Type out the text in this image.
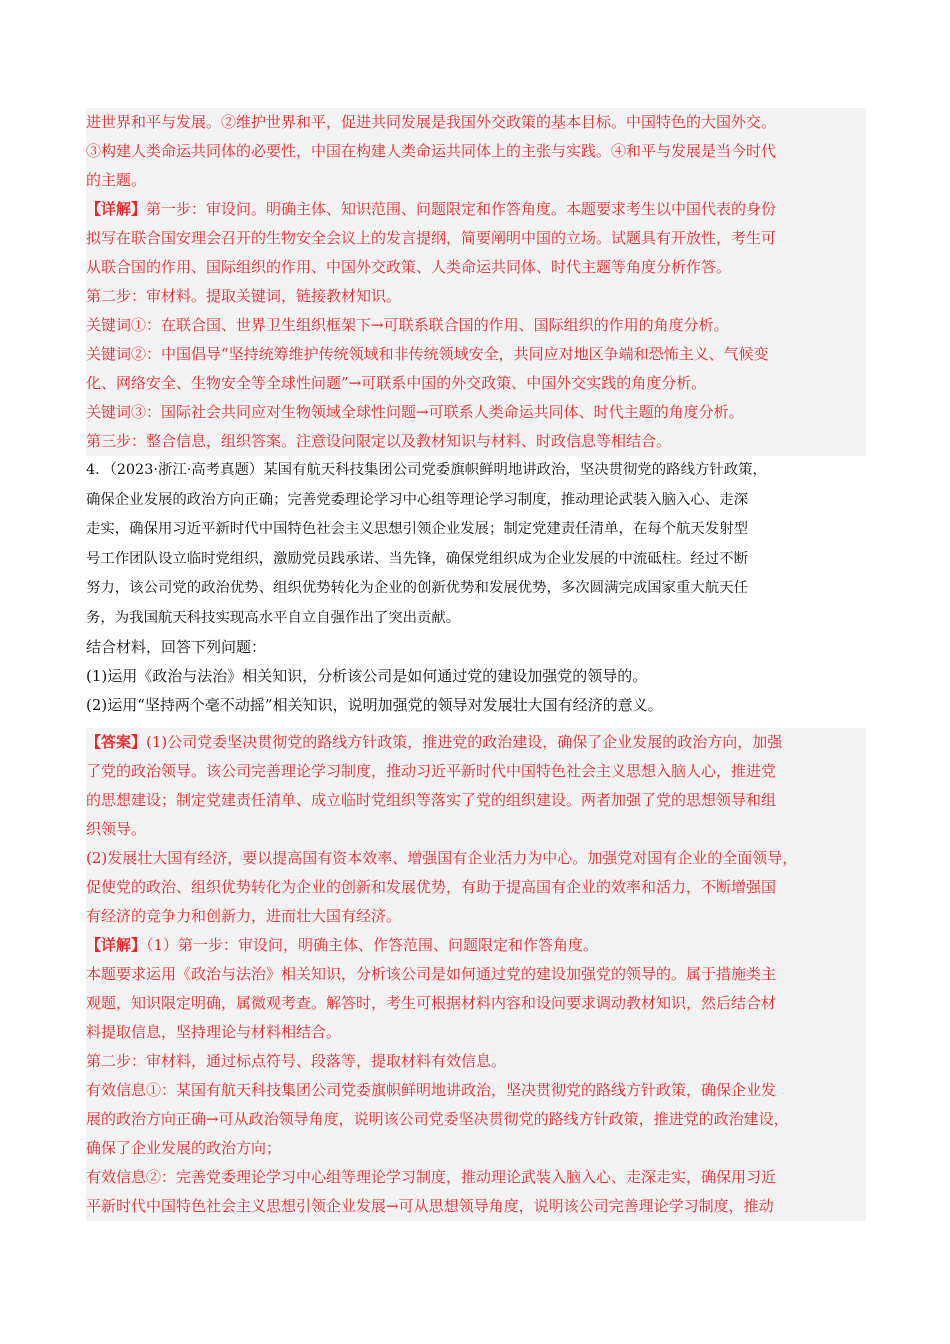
进世界和平与发展。②维护世界和平，促进共同发展是我国外交政策的基本目标。中国特色的大国外交。

③构建人类命运共同体的必要性，中国在构建人类命运共同体上的主张与实践。④和平与发展是当今时代

的主题。

【详解】第一步：审设问。明确主体、知识范围、问题限定和作答角度。本题要求考生以中国代表的身份

拟写在联合国安理会召开的生物安全会议上的发言提纲，简要阐明中国的立场。试题具有开放性，考生可

从联合国的作用、国际组织的作用、中国外交政策、人类命运共同体、时代主题等角度分析作答。

第二步：审材料。提取关键词，链接教材知识。

关键词①：在联合国、世界卫生组织框架下→可联系联合国的作用、国际组织的作用的角度分析。

关键词②：中国倡导“坚持统筹维护传统领域和非传统领域安全，共同应对地区争端和恐怖主义、气候变

化、网络安全、生物安全等全球性问题”→可联系中国的外交政策、中国外交实践的角度分析。

关键词③：国际社会共同应对生物领域全球性问题→可联系人类命运共同体、时代主题的角度分析。

第三步：整合信息，组织答案。注意设问限定以及教材知识与材料、时政信息等相结合。

4．（2023·浙江·高考真题）某国有航天科技集团公司党委旗帜鲜明地讲政治，坚决贯彻党的路线方针政策，

确保企业发展的政治方向正确；完善党委理论学习中心组等理论学习制度，推动理论武装入脑入心、走深

走实，确保用习近平新时代中国特色社会主义思想引领企业发展；制定党建责任清单，在每个航天发射型

号工作团队设立临时党组织，激励党员践承诺、当先锋，确保党组织成为企业发展的中流砥柱。经过不断

努力，该公司党的政治优势、组织优势转化为企业的创新优势和发展优势，多次圆满完成国家重大航天任

务，为我国航天科技实现高水平自立自强作出了突出贡献。

结合材料，回答下列问题：

(1)运用《政治与法治》相关知识，分析该公司是如何通过党的建设加强党的领导的。

(2)运用“坚持两个毫不动摇”相关知识，说明加强党的领导对发展壮大国有经济的意义。

【答案】(1)公司党委坚决贯彻党的路线方针政策，推进党的政治建设，确保了企业发展的政治方向，加强

了党的政治领导。该公司完善理论学习制度，推动习近平新时代中国特色社会主义思想入脑人心，推进党

的思想建设；制定党建责任清单、成立临时党组织等落实了党的组织建设。两者加强了党的思想领导和组

织领导。

(2)发展壮大国有经济，要以提高国有资本效率、增强国有企业活力为中心。加强党对国有企业的全面领导，

促使党的政治、组织优势转化为企业的创新和发展优势，有助于提高国有企业的效率和活力，不断增强国

有经济的竞争力和创新力，进而壮大国有经济。

【详解】（1）第一步：审设问，明确主体、作答范围、问题限定和作答角度。

本题要求运用《政治与法治》相关知识，分析该公司是如何通过党的建设加强党的领导的。属于措施类主

观题，知识限定明确，属微观考查。解答时，考生可根据材料内容和设问要求调动教材知识，然后结合材

料提取信息，坚持理论与材料相结合。

第二步：审材料，通过标点符号、段落等，提取材料有效信息。

有效信息①：某国有航天科技集团公司党委旗帜鲜明地讲政治，坚决贯彻党的路线方针政策，确保企业发

展的政治方向正确→可从政治领导角度，说明该公司党委坚决贯彻党的路线方针政策，推进党的政治建设，

确保了企业发展的政治方向；

有效信息②：完善党委理论学习中心组等理论学习制度，推动理论武装入脑入心、走深走实，确保用习近

平新时代中国特色社会主义思想引领企业发展→可从思想领导角度，说明该公司完善理论学习制度，推动
